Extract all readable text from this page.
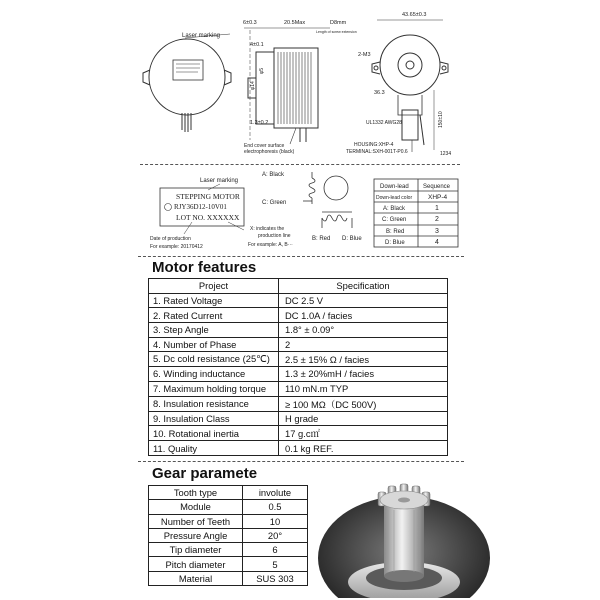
Laser marking
20.5Max	D8mm
Length of screw extension
6±0.3
4±0.1
φ5
φ14
1.3±0.2
End cover surface
electrophoresis (black)
43.65±0.3
2-M3
36.3
150±10
UL1332 AWG28
HOUSING:XHP-4
TERMINAL:SXH-001T-P0.6	1234
Laser marking
STEPPING MOTOR
RJY36D12-10V01
LOT NO. XXXXXX
Date of production
For example: 20170412
X: indicates the
production line
For example: A, B···
A: Black
C: Green
B: Red D: Blue
Down-lead Sequence
Down-lead color XHP-4
A: Black	1
C: Green	2
B: Red	3
D: Blue	4
Motor features
Project	Specification
1. Rated Voltage	DC 2.5 V
2. Rated Current	DC 1.0A / facies
3. Step Angle	1.8° ± 0.09°
4. Number of Phase	2
5. Dc cold resistance (25℃)	2.5 ± 15% Ω / facies
6. Winding inductance	1.3 ± 20%mH / facies
7. Maximum holding torque	110 mN.m TYP
8. Insulation resistance	≥ 100 MΩ（DC 500V)
9. Insulation Class	H grade
10. Rotational inertia	17 g.c㎡
11. Quality	0.1 kg REF.
Gear paramete
Tooth type	involute
Module	0.5
Number of Teeth	10
Pressure Angle	20°
Tip diameter	6
Pitch diameter	5
Material	SUS 303
